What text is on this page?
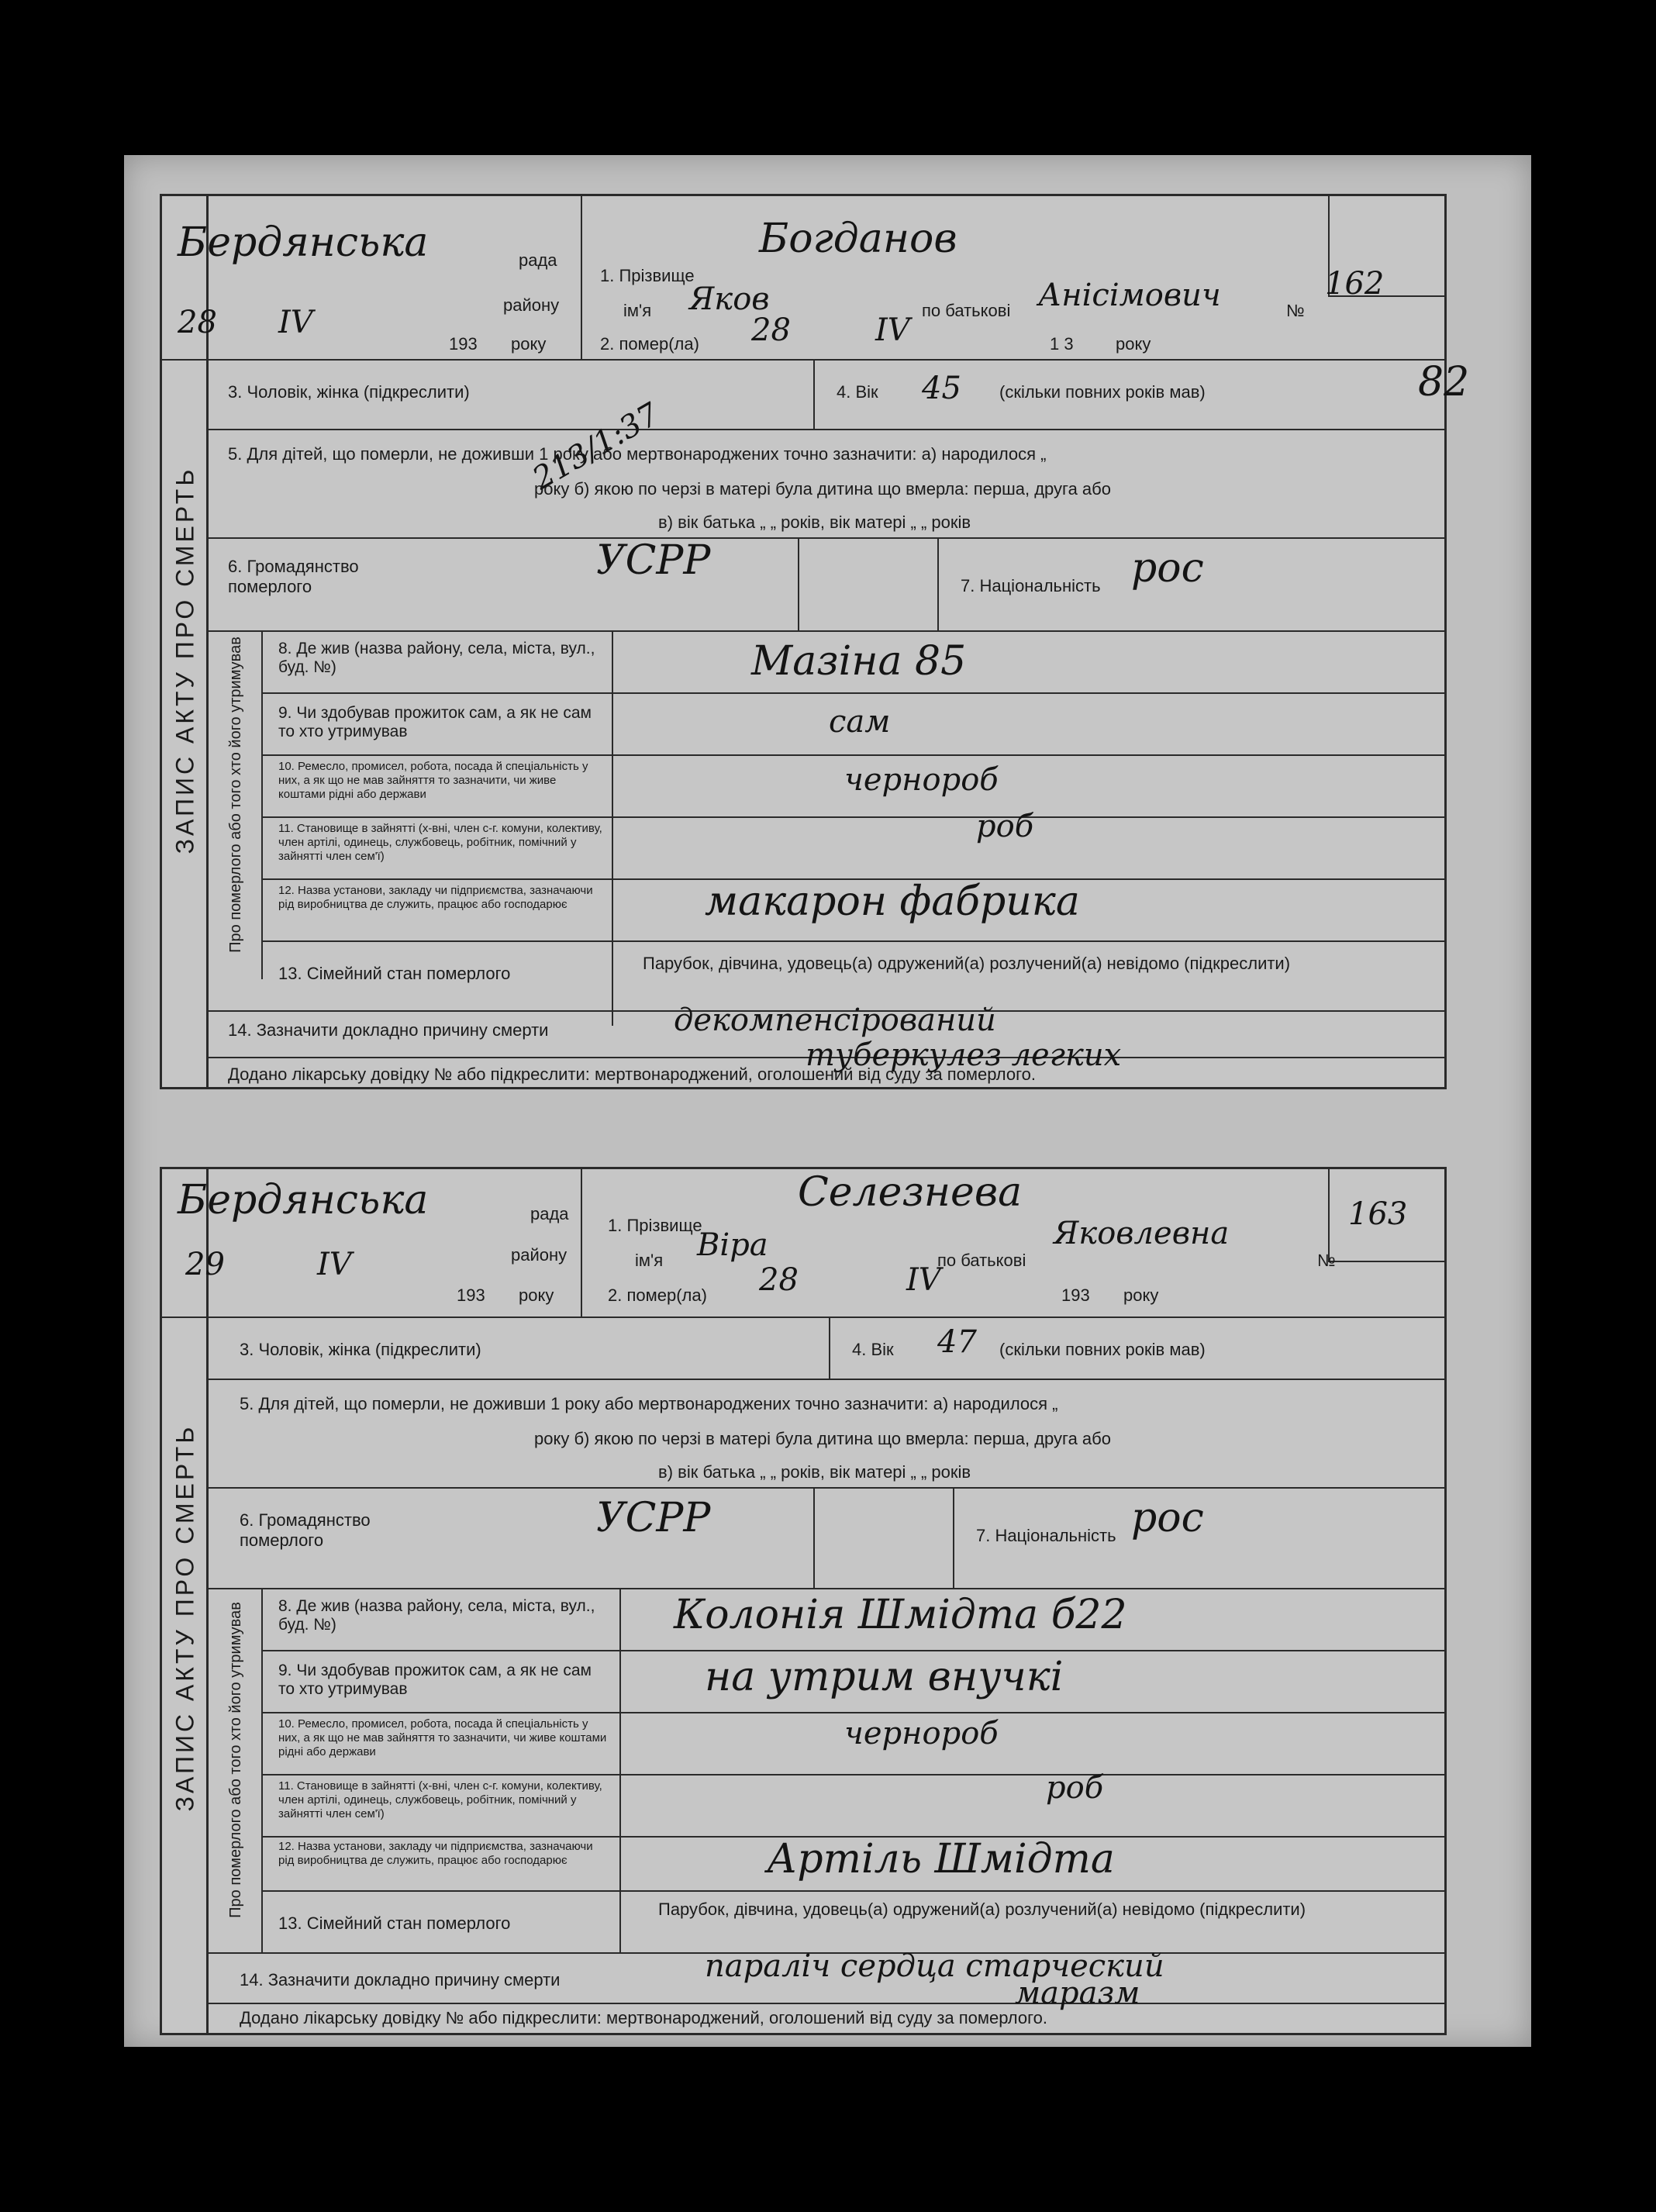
ЗАПИС АКТУ ПРО СМЕРТЬ Про померлого або того хто його утримував
Бердянська	рада
району
28 IV
193 року
1. Прізвище
Богданов
ім'я Яков	по батькові Анісімович	№
162
2. помер(ла) 28	IV	1 3 року
3. Чоловік, жінка (підкреслити)	4. Вік 45 (скільки повних років мав)	82
213/1:37
5. Для дітей, що померли, не доживши 1 року або мертвонароджених точно зазначити: а) народилося „
року б) якою по черзі в матері була дитина що вмерла: перша, друга або
в) вік батька „ „ років, вік матері „ „ років
6. Громадянство померлого
УСРР
7. Національність рос
8. Де жив (назва району, села, міста, вул., буд. №)	Мазіна 85
9. Чи здобував прожиток сам, а як не сам то хто утримував	сам
10. Ремесло, промисел, робота, посада й спеціальність у них, а як що не мав зайняття то зазначити, чи живе коштами рідні або держави	чернороб
11. Становище в зайнятті (х-вні, член с-г. комуни, колективу, член артілі, одинець, службовець, робітник, помічний у зайнятті член сем'ї)
роб
12. Назва установи, закладу чи підприємства, зазначаючи рід виробництва де служить, працює або господарює	макарон фабрика
13. Сімейний стан померлого
Парубок, дівчина, удовець(а) одружений(а) розлучений(а) невідомо (підкреслити)
14. Зазначити докладно причину смерти	декомпенсірований
туберкулез легких
Додано лікарську довідку № або підкреслити: мертвонароджений, оголошений від суду за померлого.
ЗАПИС АКТУ ПРО СМЕРТЬ Про померлого або того хто його утримував
Бердянська	рада
району
29	IV
193 року
1. Прізвище
Селезнева
ім'я Віра	по батькові
Яковлевна
№
163
2. помер(ла) 28	IV	193 року
3. Чоловік, жінка (підкреслити)	4. Вік 47 (скільки повних років мав)
5. Для дітей, що померли, не доживши 1 року або мертвонароджених точно зазначити: а) народилося „
року б) якою по черзі в матері була дитина що вмерла: перша, друга або
в) вік батька „ „ років, вік матері „ „ років
6. Громадянство померлого	УСРР	7. Національність рос
8. Де жив (назва району, села, міста, вул., буд. №)	Колонія Шмідта б22
9. Чи здобував прожиток сам, а як не сам то хто утримував	на утрим внучкі
10. Ремесло, промисел, робота, посада й спеціальність у них, а як що не мав зайняття то зазначити, чи живе коштами рідні або держави
чернороб
11. Становище в зайнятті (х-вні, член с-г. комуни, колективу, член артілі, одинець, службовець, робітник, помічний у зайнятті член сем'ї)
роб
12. Назва установи, закладу чи підприємства, зазначаючи рід виробництва де служить, працює або господарює	Артіль Шмідта
13. Сімейний стан померлого
Парубок, дівчина, удовець(а) одружений(а) розлучений(а) невідомо (підкреслити)
14. Зазначити докладно причину смерти	параліч сердца старческий
маразм
Додано лікарську довідку № або підкреслити: мертвонароджений, оголошений від суду за померлого.
